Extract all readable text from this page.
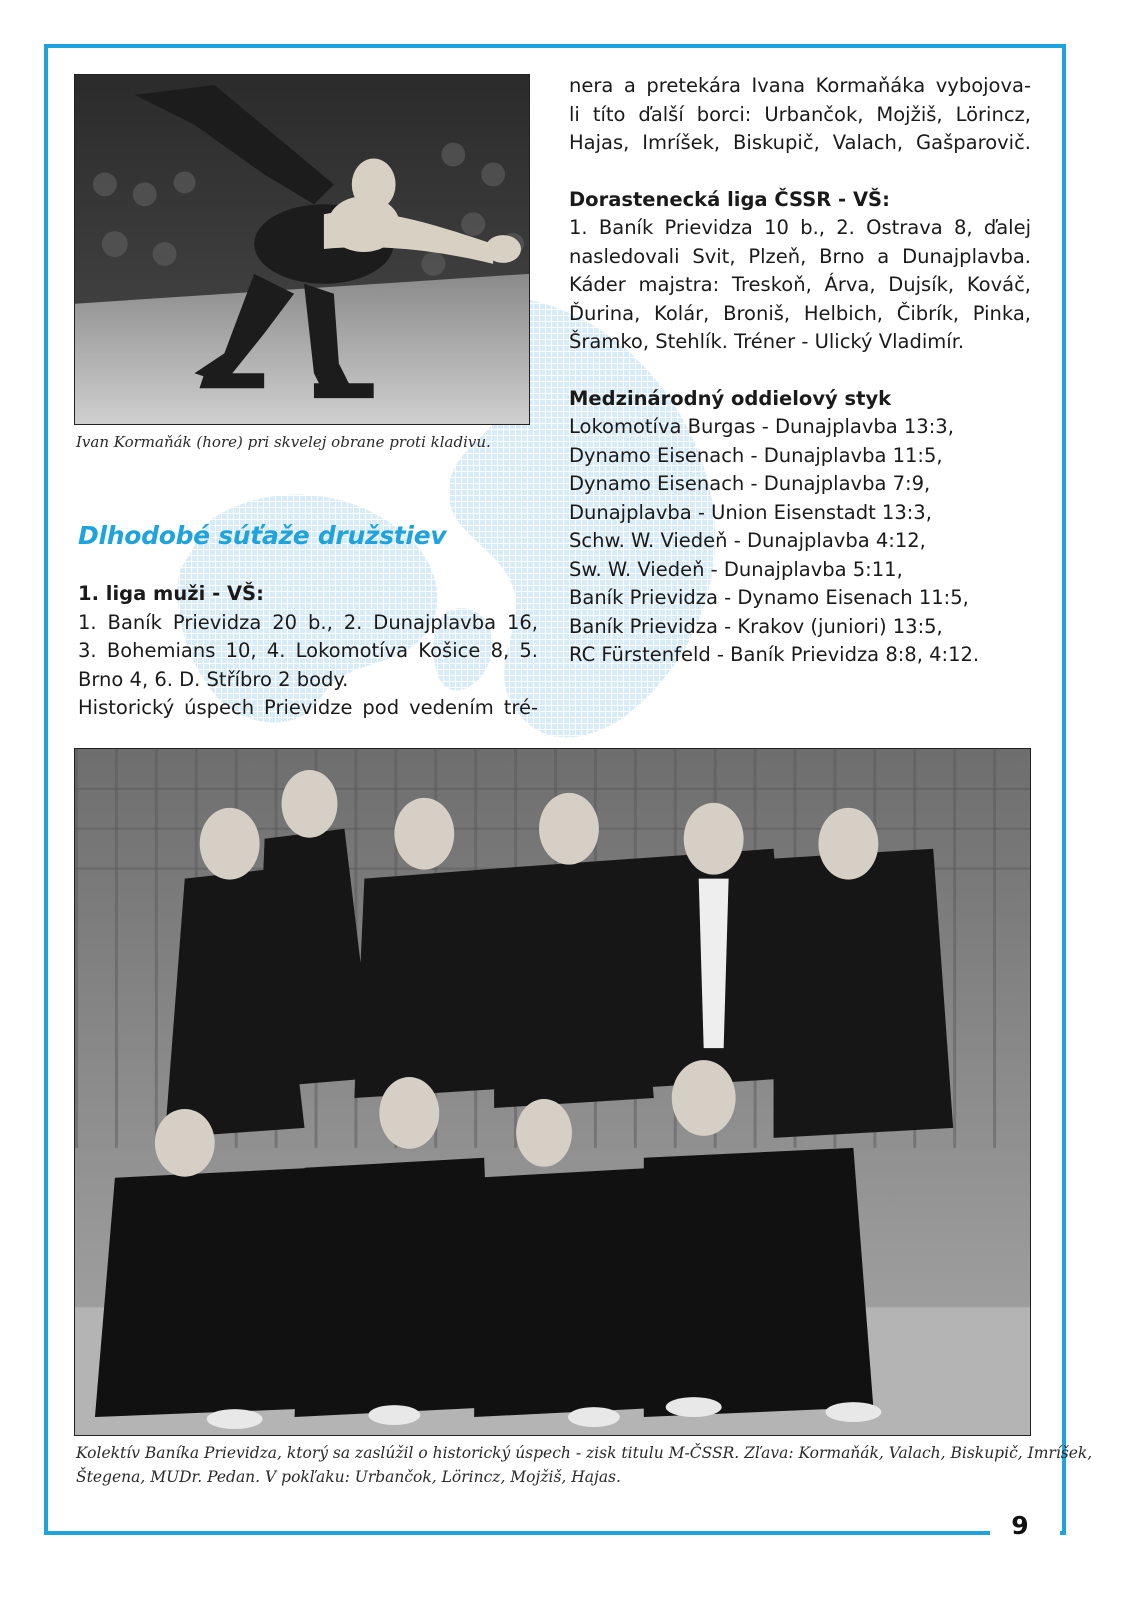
9
Ivan Kormaňák (hore) pri skvelej obrane proti kladivu.
Dlhodobé súťaže družstiev
1. liga muži - VŠ:
1. Baník Prievidza 20 b., 2. Dunajplavba 16,
3. Bohemians 10, 4. Lokomotíva Košice 8, 5.
Brno 4, 6. D. Stříbro 2 body.
Historický úspech Prievidze pod vedením tré-
nera a pretekára Ivana Kormaňáka vybojova-
li títo ďalší borci: Urbančok, Mojžiš, Lörincz,
Hajas, Imríšek, Biskupič, Valach, Gašparovič.
Dorastenecká liga ČSSR - VŠ:
1. Baník Prievidza 10 b., 2. Ostrava 8, ďalej
nasledovali Svit, Plzeň, Brno a Dunajplavba.
Káder majstra: Treskoň, Árva, Dujsík, Kováč,
Ďurina, Kolár, Broniš, Helbich, Čibrík, Pinka,
Šramko, Stehlík. Tréner - Ulický Vladimír.
Medzinárodný oddielový styk
Lokomotíva Burgas - Dunajplavba 13:3,
Dynamo Eisenach - Dunajplavba 11:5,
Dynamo Eisenach - Dunajplavba 7:9,
Dunajplavba - Union Eisenstadt 13:3,
Schw. W. Viedeň - Dunajplavba 4:12,
Sw. W. Viedeň - Dunajplavba 5:11,
Baník Prievidza - Dynamo Eisenach 11:5,
Baník Prievidza - Krakov (juniori) 13:5,
RC Fürstenfeld - Baník Prievidza 8:8, 4:12.
Kolektív Baníka Prievidza, ktorý sa zaslúžil o historický úspech - zisk titulu M-ČSSR. Zľava: Kormaňák, Valach, Biskupič, Imríšek,
Štegena, MUDr. Pedan. V pokľaku: Urbančok, Lörincz, Mojžiš, Hajas.
